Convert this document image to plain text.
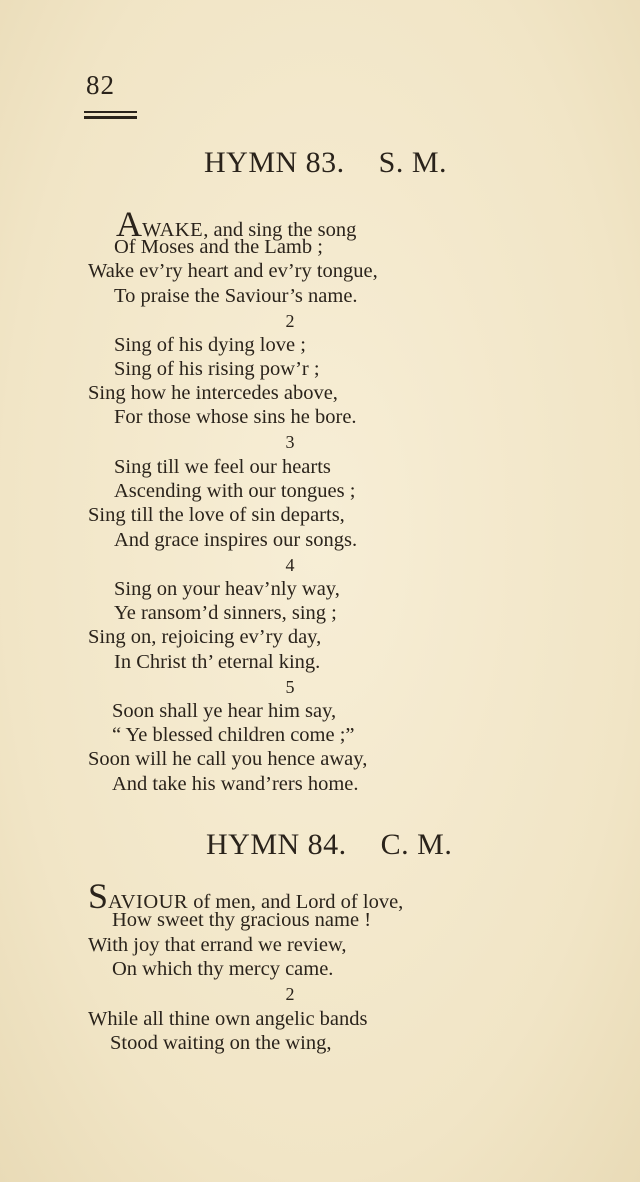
82
HYMN 83. S. M.
AWAKE, and sing the song
Of Moses and the Lamb ;
Wake ev’ry heart and ev’ry tongue,
To praise the Saviour’s name.
2
Sing of his dying love ;
Sing of his rising pow’r ;
Sing how he intercedes above,
For those whose sins he bore.
3
Sing till we feel our hearts
Ascending with our tongues ;
Sing till the love of sin departs,
And grace inspires our songs.
4
Sing on your heav’nly way,
Ye ransom’d sinners, sing ;
Sing on, rejoicing ev’ry day,
In Christ th’ eternal king.
5
Soon shall ye hear him say,
“ Ye blessed children come ;”
Soon will he call you hence away,
And take his wand’rers home.
HYMN 84. C. M.
SAVIOUR of men, and Lord of love,
How sweet thy gracious name !
With joy that errand we review,
On which thy mercy came.
2
While all thine own angelic bands
Stood waiting on the wing,
